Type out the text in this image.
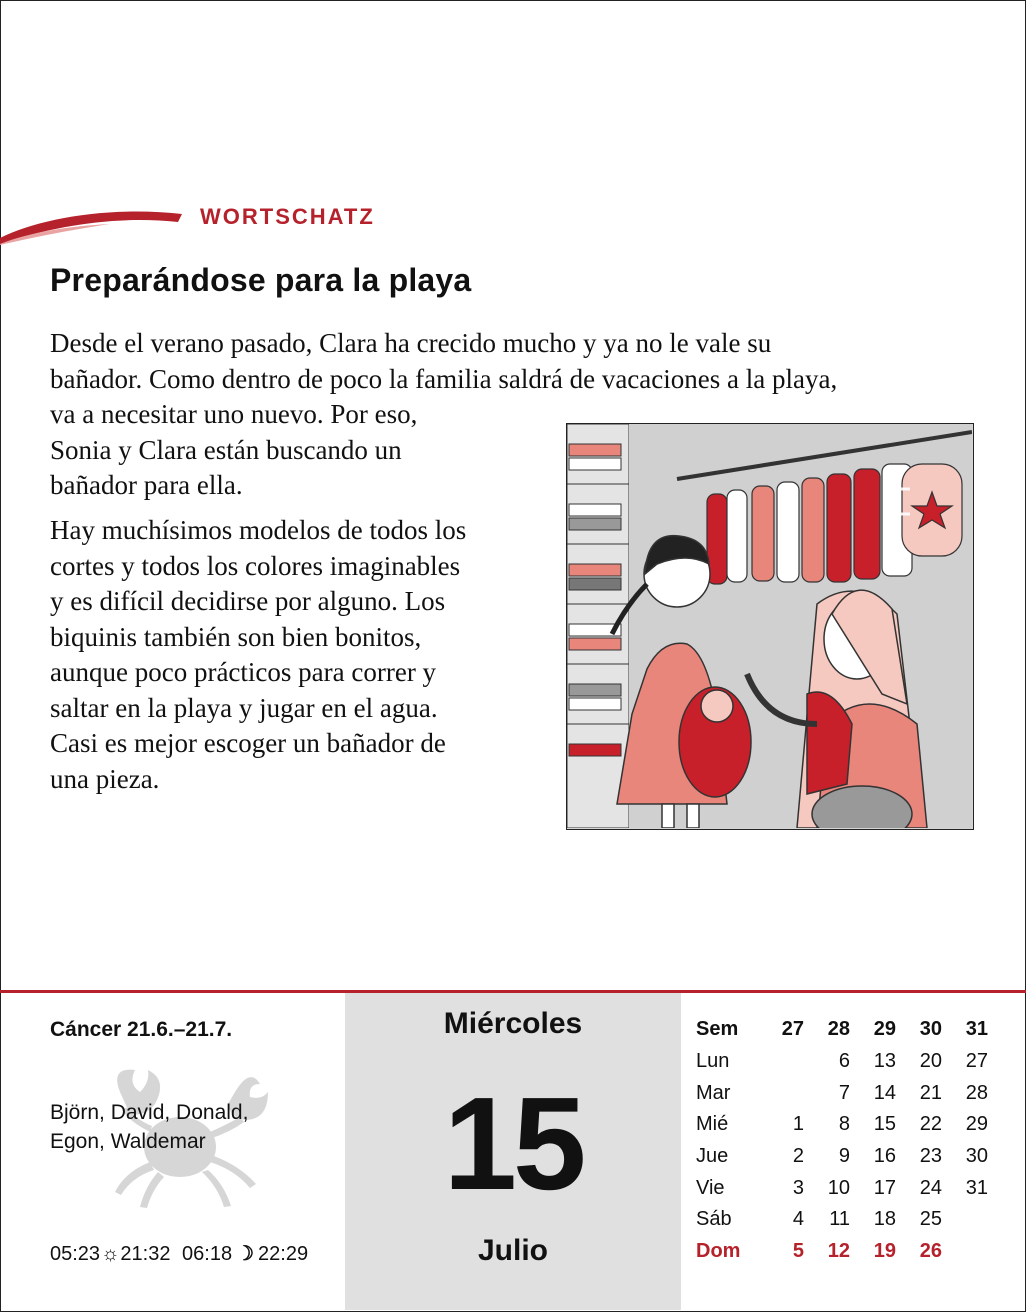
WORTSCHATZ
Preparándose para la playa
Desde el verano pasado, Clara ha crecido mucho y ya no le vale su
bañador. Como dentro de poco la familia saldrá de vacaciones a la playa,
va a necesitar uno nuevo. Por eso,
Sonia y Clara están buscando un
bañador para ella.
Hay muchísimos modelos de todos los
cortes y todos los colores imaginables
y es difícil decidirse por alguno. Los
biquinis también son bien bonitos,
aunque poco prácticos para correr y
saltar en la playa y jugar en el agua.
Casi es mejor escoger un bañador de
una pieza.
Cáncer 21.6.–21.7.
Björn, David, Donald,
Egon, Waldemar
05:23☼21:32 06:18 ☽ 22:29
Miércoles
15
Julio
Sem	27	28	29	30	31
Lun		6	13	20	27
Mar		7	14	21	28
Mié	1	8	15	22	29
Jue	2	9	16	23	30
Vie	3	10	17	24	31
Sáb	4	11	18	25	
Dom	5	12	19	26	
